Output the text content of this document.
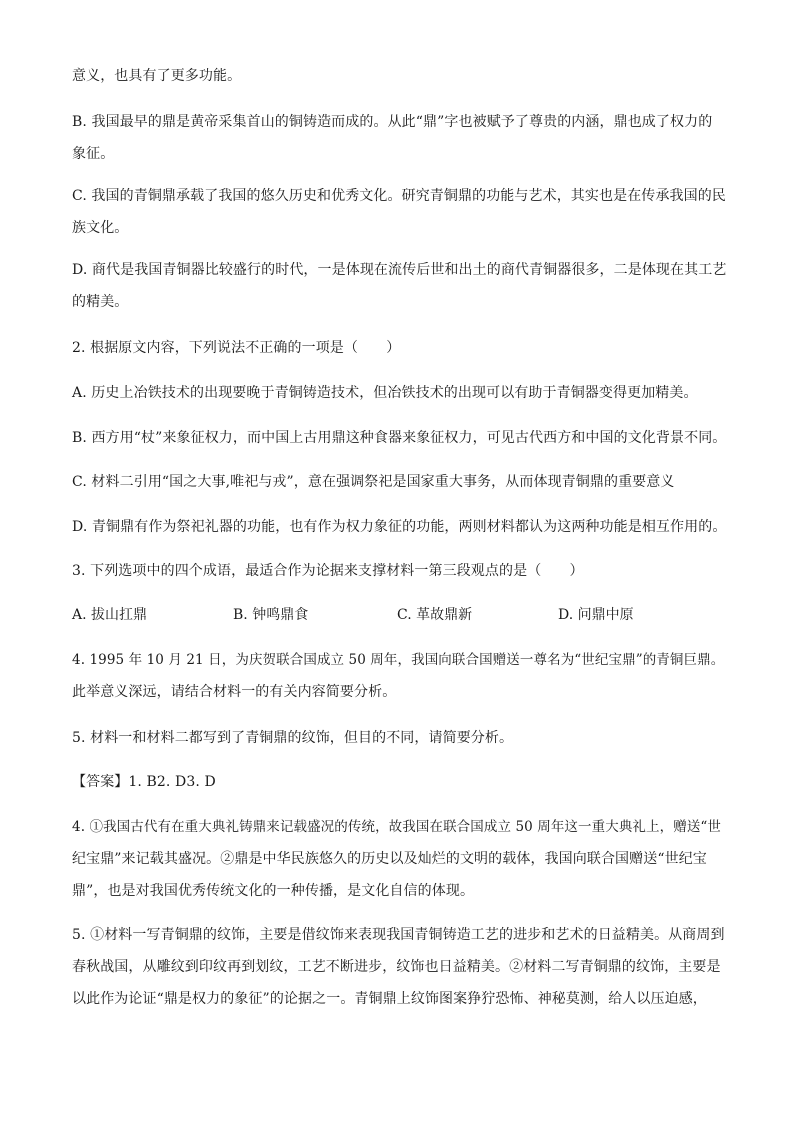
意义，也具有了更多功能。
B. 我国最早的鼎是黄帝采集首山的铜铸造而成的。从此“鼎”字也被赋予了尊贵的内涵，鼎也成了权力的
象征。
C. 我国的青铜鼎承载了我国的悠久历史和优秀文化。研究青铜鼎的功能与艺术，其实也是在传承我国的民
族文化。
D. 商代是我国青铜器比较盛行的时代，一是体现在流传后世和出土的商代青铜器很多，二是体现在其工艺
的精美。
2. 根据原文内容，下列说法不正确的一项是（　　）
A. 历史上冶铁技术的出现要晚于青铜铸造技术，但冶铁技术的出现可以有助于青铜器变得更加精美。
B. 西方用“杖”来象征权力，而中国上古用鼎这种食器来象征权力，可见古代西方和中国的文化背景不同。
C. 材料二引用“国之大事,唯祀与戎”，意在强调祭祀是国家重大事务，从而体现青铜鼎的重要意义
D. 青铜鼎有作为祭祀礼器的功能，也有作为权力象征的功能，两则材料都认为这两种功能是相互作用的。
3. 下列选项中的四个成语，最适合作为论据来支撑材料一第三段观点的是（　　）
A. 拔山扛鼎	B. 钟鸣鼎食	C. 革故鼎新	D. 问鼎中原
4. 1995 年 10 月 21 日，为庆贺联合国成立 50 周年，我国向联合国赠送一尊名为“世纪宝鼎”的青铜巨鼎。
此举意义深远，请结合材料一的有关内容简要分析。
5. 材料一和材料二都写到了青铜鼎的纹饰，但目的不同，请简要分析。
【答案】1. B2. D3. D
4. ①我国古代有在重大典礼铸鼎来记载盛况的传统，故我国在联合国成立 50 周年这一重大典礼上，赠送“世
纪宝鼎”来记载其盛况。②鼎是中华民族悠久的历史以及灿烂的文明的载体，我国向联合国赠送“世纪宝
鼎”，也是对我国优秀传统文化的一种传播，是文化自信的体现。
5. ①材料一写青铜鼎的纹饰，主要是借纹饰来表现我国青铜铸造工艺的进步和艺术的日益精美。从商周到
春秋战国，从雕纹到印纹再到划纹，工艺不断进步，纹饰也日益精美。②材料二写青铜鼎的纹饰，主要是
以此作为论证“鼎是权力的象征”的论据之一。青铜鼎上纹饰图案狰狞恐怖、神秘莫测，给人以压迫感，
